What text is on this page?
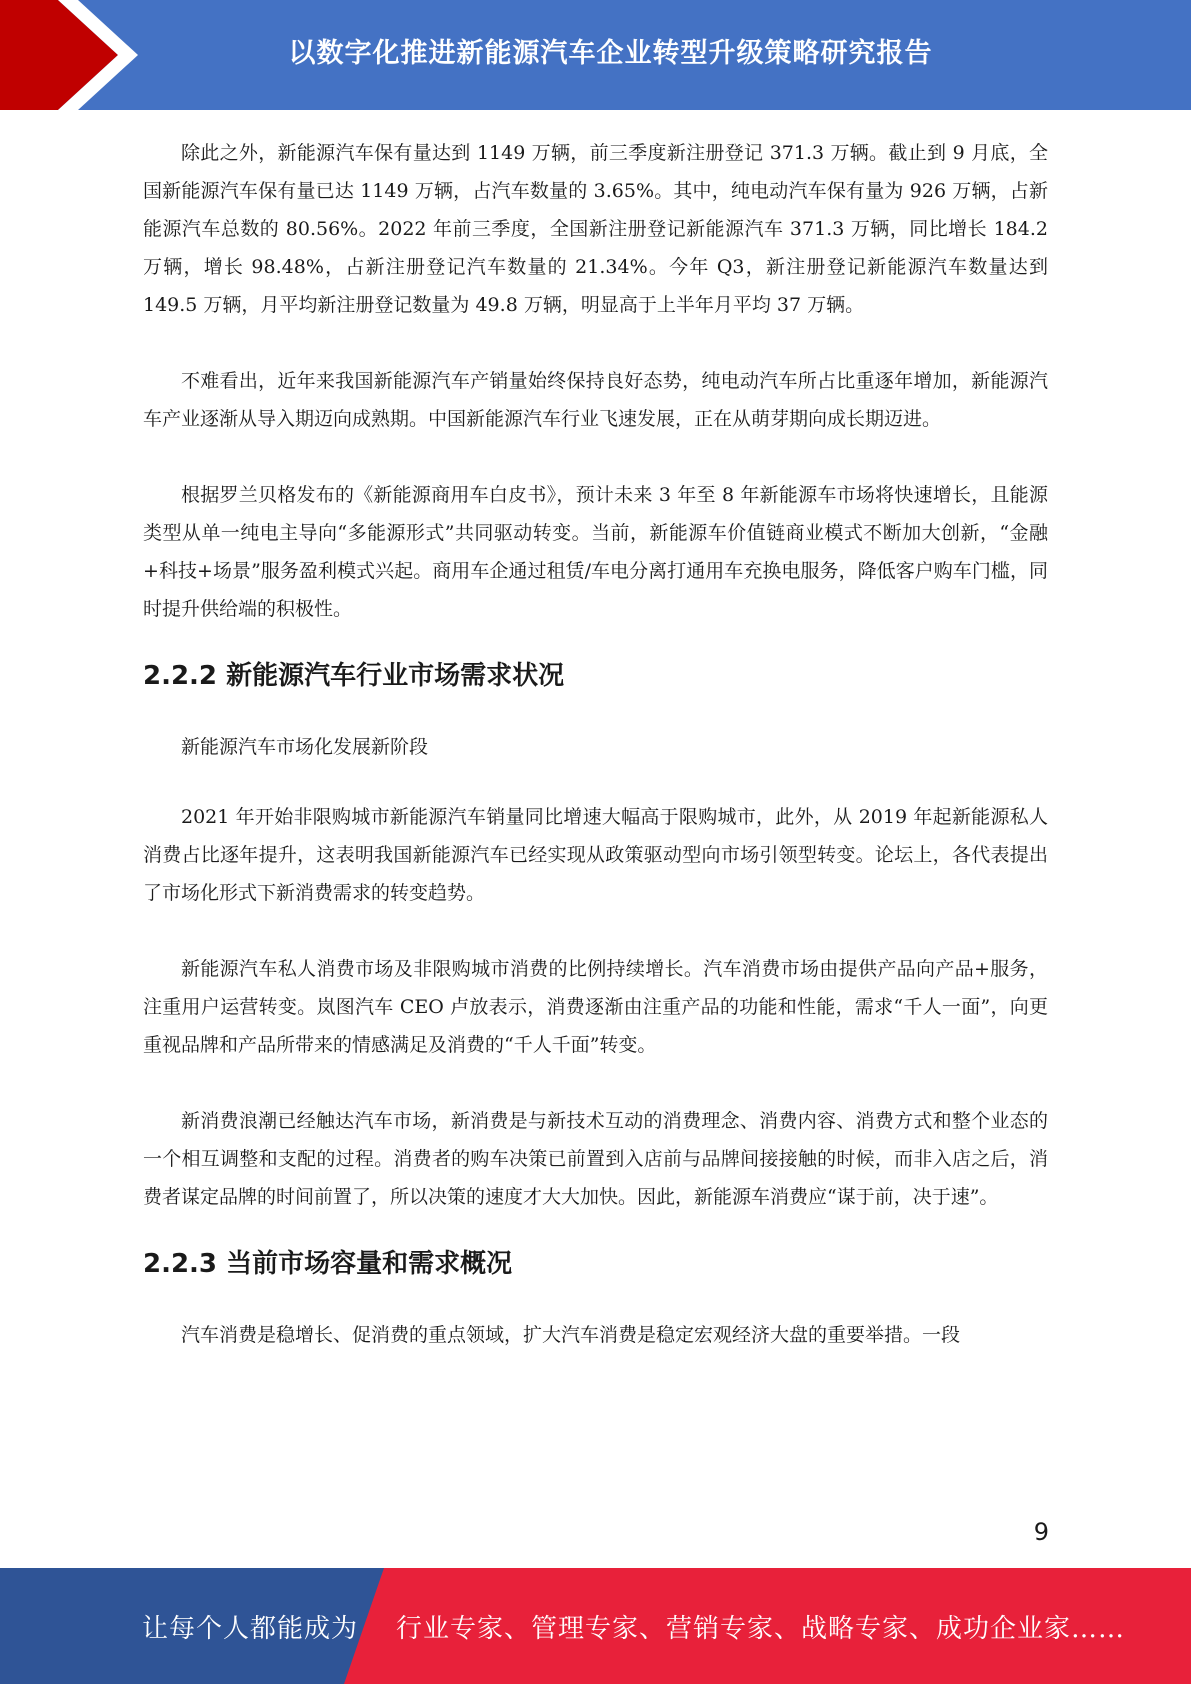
以数字化推进新能源汽车企业转型升级策略研究报告

除此之外，新能源汽车保有量达到 1149 万辆，前三季度新注册登记 371.3 万辆。截止到 9 月底，全国新能源汽车保有量已达 1149 万辆，占汽车数量的 3.65%。其中，纯电动汽车保有量为 926 万辆，占新能源汽车总数的 80.56%。2022 年前三季度，全国新注册登记新能源汽车 371.3 万辆，同比增长 184.2 万辆，增长 98.48%，占新注册登记汽车数量的 21.34%。今年 Q3，新注册登记新能源汽车数量达到 149.5 万辆，月平均新注册登记数量为 49.8 万辆，明显高于上半年月平均 37 万辆。

不难看出，近年来我国新能源汽车产销量始终保持良好态势，纯电动汽车所占比重逐年增加，新能源汽车产业逐渐从导入期迈向成熟期。中国新能源汽车行业飞速发展，正在从萌芽期向成长期迈进。

根据罗兰贝格发布的《新能源商用车白皮书》，预计未来 3 年至 8 年新能源车市场将快速增长，且能源类型从单一纯电主导向“多能源形式”共同驱动转变。当前，新能源车价值链商业模式不断加大创新，“金融+科技+场景”服务盈利模式兴起。商用车企通过租赁/车电分离打通用车充换电服务，降低客户购车门槛，同时提升供给端的积极性。

2.2.2 新能源汽车行业市场需求状况

新能源汽车市场化发展新阶段

2021 年开始非限购城市新能源汽车销量同比增速大幅高于限购城市，此外，从 2019 年起新能源私人消费占比逐年提升，这表明我国新能源汽车已经实现从政策驱动型向市场引领型转变。论坛上，各代表提出了市场化形式下新消费需求的转变趋势。

新能源汽车私人消费市场及非限购城市消费的比例持续增长。汽车消费市场由提供产品向产品+服务，注重用户运营转变。岚图汽车 CEO 卢放表示，消费逐渐由注重产品的功能和性能，需求“千人一面”，向更重视品牌和产品所带来的情感满足及消费的“千人千面”转变。

新消费浪潮已经触达汽车市场，新消费是与新技术互动的消费理念、消费内容、消费方式和整个业态的一个相互调整和支配的过程。消费者的购车决策已前置到入店前与品牌间接接触的时候，而非入店之后，消费者谋定品牌的时间前置了，所以决策的速度才大大加快。因此，新能源车消费应“谋于前，决于速”。

2.2.3 当前市场容量和需求概况

汽车消费是稳增长、促消费的重点领域，扩大汽车消费是稳定宏观经济大盘的重要举措。一段

9
让每个人都能成为 行业专家、管理专家、营销专家、战略专家、成功企业家……
